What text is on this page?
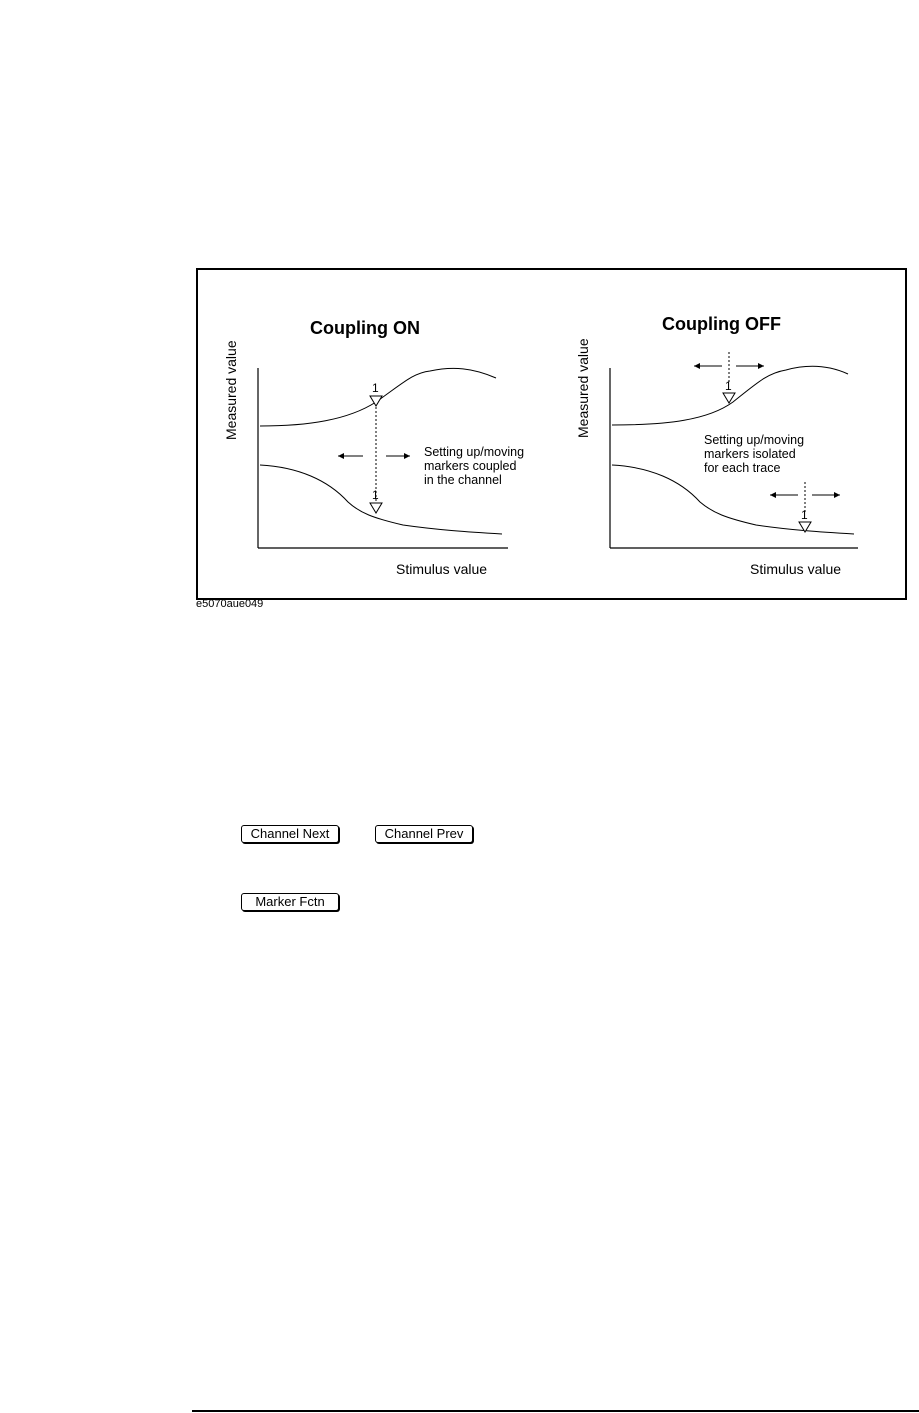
Coupling ON
Measured value	1
1
Setting up/moving
markers coupled
in the channel
Stimulus value
Coupling OFF
Measured value	1
Setting up/moving
markers isolated
for each trace
1
Stimulus value
e5070aue049
Channel Next	Channel Prev
Marker Fctn
